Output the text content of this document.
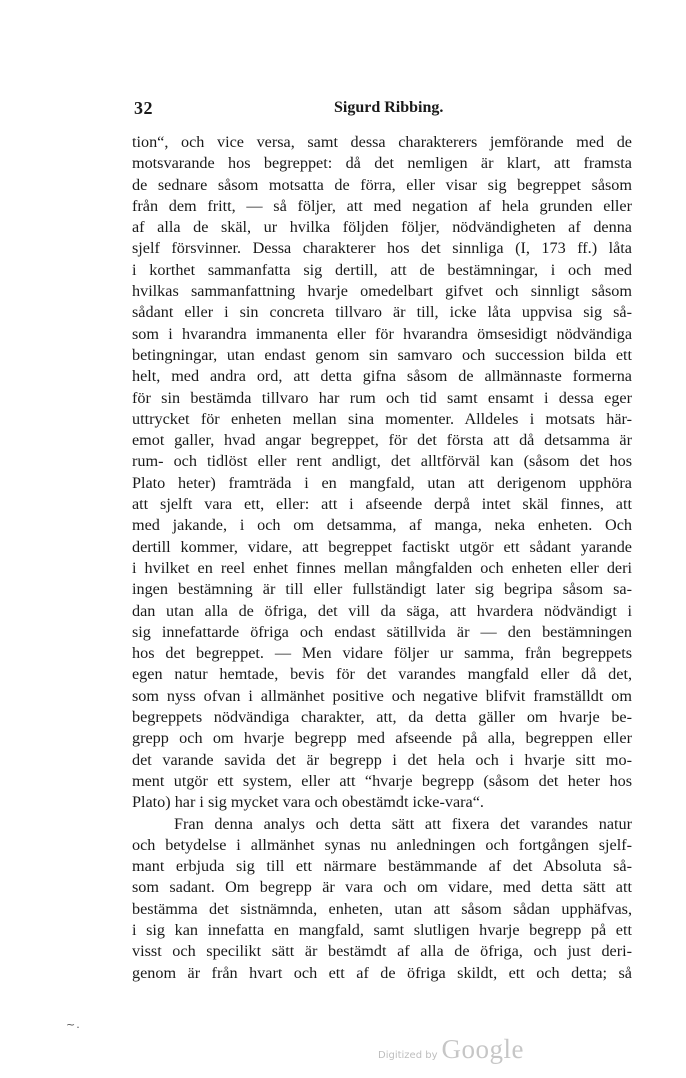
32	Sigurd Ribbing.
tion“, och vice versa, samt dessa charakterers jemförande med de
motsvarande hos begreppet: då det nemligen är klart, att framsta
de sednare såsom motsatta de förra, eller visar sig begreppet såsom
från dem fritt, — så följer, att med negation af hela grunden eller
af alla de skäl, ur hvilka följden följer, nödvändigheten af denna
sjelf försvinner. Dessa charakterer hos det sinnliga (I, 173 ff.) låta
i korthet sammanfatta sig dertill, att de bestämningar, i och med
hvilkas sammanfattning hvarje omedelbart gifvet och sinnligt såsom
sådant eller i sin concreta tillvaro är till, icke låta uppvisa sig så-
som i hvarandra immanenta eller för hvarandra ömsesidigt nödvändiga
betingningar, utan endast genom sin samvaro och succession bilda ett
helt, med andra ord, att detta gifna såsom de allmännaste formerna
för sin bestämda tillvaro har rum och tid samt ensamt i dessa eger
uttrycket för enheten mellan sina momenter. Alldeles i motsats här-
emot galler, hvad angar begreppet, för det första att då detsamma är
rum- och tidlöst eller rent andligt, det alltförväl kan (såsom det hos
Plato heter) framträda i en mangfald, utan att derigenom upphöra
att sjelft vara ett, eller: att i afseende derpå intet skäl finnes, att
med jakande, i och om detsamma, af manga, neka enheten. Och
dertill kommer, vidare, att begreppet factiskt utgör ett sådant yarande
i hvilket en reel enhet finnes mellan mångfalden och enheten eller deri
ingen bestämning är till eller fullständigt later sig begripa såsom sa-
dan utan alla de öfriga, det vill da säga, att hvardera nödvändigt i
sig innefattarde öfriga och endast sätillvida är — den bestämningen
hos det begreppet. — Men vidare följer ur samma, från begreppets
egen natur hemtade, bevis för det varandes mangfald eller då det,
som nyss ofvan i allmänhet positive och negative blifvit framställdt om
begreppets nödvändiga charakter, att, da detta gäller om hvarje be-
grepp och om hvarje begrepp med afseende på alla, begreppen eller
det varande savida det är begrepp i det hela och i hvarje sitt mo-
ment utgör ett system, eller att “hvarje begrepp (såsom det heter hos
Plato) har i sig mycket vara och obestämdt icke-vara“.
Fran denna analys och detta sätt att fixera det varandes natur
och betydelse i allmänhet synas nu anledningen och fortgången sjelf-
mant erbjuda sig till ett närmare bestämmande af det Absoluta så-
som sadant. Om begrepp är vara och om vidare, med detta sätt att
bestämma det sistnämnda, enheten, utan att såsom sådan upphäfvas,
i sig kan innefatta en mangfald, samt slutligen hvarje begrepp på ett
visst och specilikt sätt är bestämdt af alla de öfriga, och just deri-
genom är från hvart och ett af de öfriga skildt, ett och detta; så
~.
Digitized by Google
